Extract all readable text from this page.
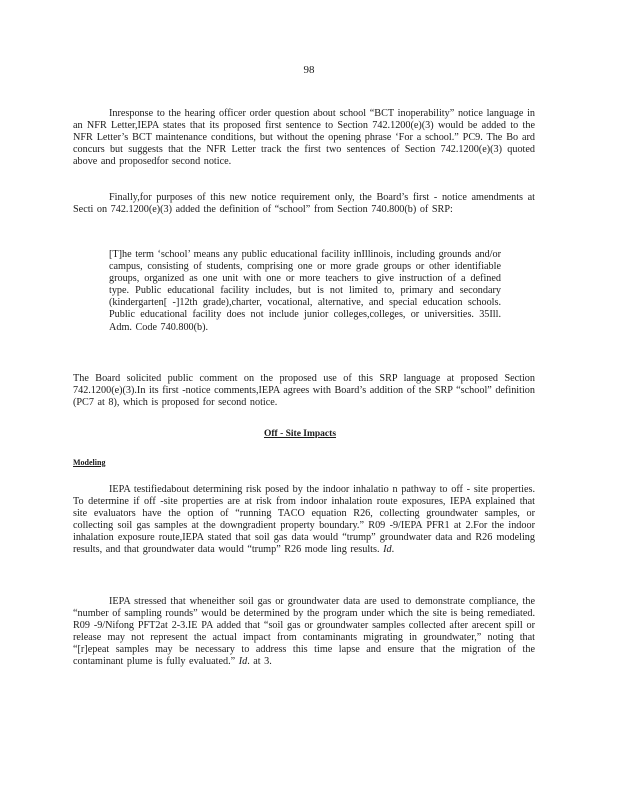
98

Inresponse to the hearing officer order question about school “BCT inoperability” notice language in an NFR Letter,IEPA states that its proposed first sentence to Section 742.1200(e)(3) would be added to the NFR Letter’s BCT maintenance conditions, but without the opening phrase ‘For a school.” PC9. The Bo ard concurs but suggests that the NFR Letter track the first two sentences of Section 742.1200(e)(3) quoted above and proposedfor second notice.

Finally,for purposes of this new notice requirement only, the Board’s first - notice amendments at Secti on 742.1200(e)(3) added the definition of “school” from Section 740.800(b) of SRP:

[T]he term ‘school’ means any public educational facility inIllinois, including grounds and/or campus, consisting of students, comprising one or more grade groups or other identifiable groups, organized as one unit with one or more teachers to give instruction of a defined type. Public educational facility includes, but is not limited to, primary and secondary (kindergarten[ -]12th grade),charter, vocational, alternative, and special education schools. Public educational facility does not include junior colleges,colleges, or universities. 35Ill. Adm. Code 740.800(b).

The Board solicited public comment on the proposed use of this SRP language at proposed Section 742.1200(e)(3).In its first -notice comments,IEPA agrees with Board’s addition of the SRP “school” definition (PC7 at 8), which is proposed for second notice.

Off - Site Impacts
Modeling

IEPA testifiedabout determining risk posed by the indoor inhalatio n pathway to off - site properties. To determine if off -site properties are at risk from indoor inhalation route exposures, IEPA explained that site evaluators have the option of “running TACO equation R26, collecting groundwater samples, or collecting soil gas samples at the downgradient property boundary.” R09 -9/IEPA PFR1 at 2.For the indoor inhalation exposure route,IEPA stated that soil gas data would “trump” groundwater data and R26 modeling results, and that groundwater data would “trump” R26 mode ling results. Id.

IEPA stressed that wheneither soil gas or groundwater data are used to demonstrate compliance, the “number of sampling rounds” would be determined by the program under which the site is being remediated. R09 -9/Nifong PFT2at 2-3.IE PA added that “soil gas or groundwater samples collected after arecent spill or release may not represent the actual impact from contaminants migrating in groundwater,” noting that “[r]epeat samples may be necessary to address this time lapse and ensure that the migration of the contaminant plume is fully evaluated.” Id. at 3.
